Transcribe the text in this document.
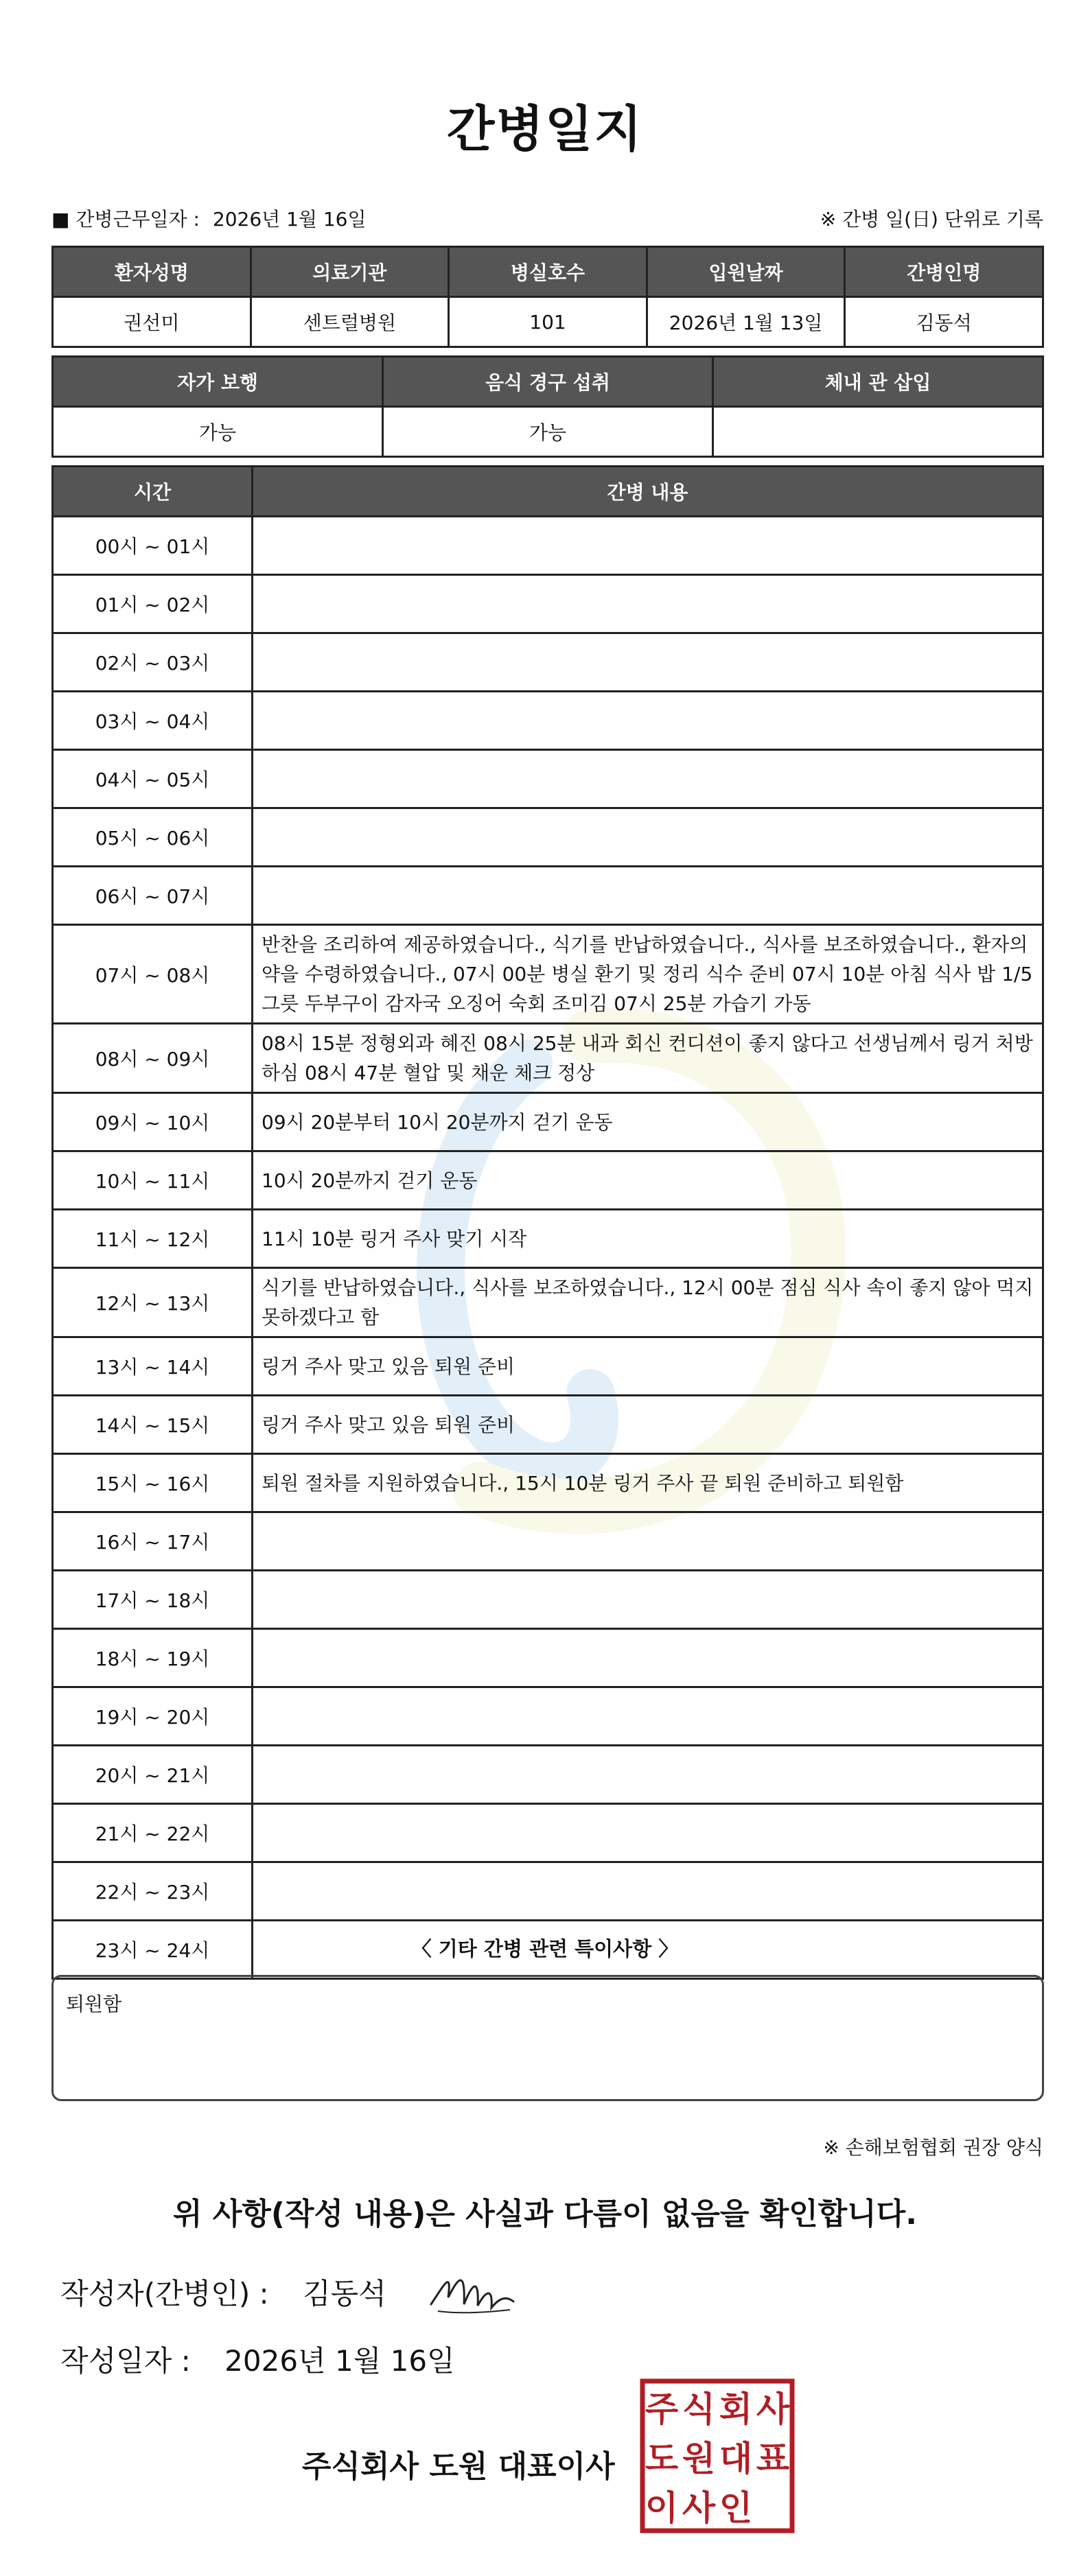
간병일지
■ 간병근무일자 : 2026년 1월 16일	※ 간병 일(日) 단위로 기록
환자성명	의료기관	병실호수	입원날짜	간병인명
권선미	센트럴병원	101	2026년 1월 13일	김동석
자가 보행	음식 경구 섭취	체내 관 삽입
가능	가능	
시간	간병 내용
00시 ~ 01시	
01시 ~ 02시	
02시 ~ 03시	
03시 ~ 04시	
04시 ~ 05시	
05시 ~ 06시	
06시 ~ 07시	
07시 ~ 08시	반찬을 조리하여 제공하였습니다., 식기를 반납하였습니다., 식사를 보조하였습니다., 환자의 약을 수령하였습니다., 07시 00분 병실 환기 및 정리 식수 준비 07시 10분 아침 식사 밥 1/5 그릇 두부구이 감자국 오징어 숙회 조미김 07시 25분 가습기 가동
08시 ~ 09시	08시 15분 정형외과 혜진 08시 25분 내과 회신 컨디션이 좋지 않다고 선생님께서 링거 처방하심 08시 47분 혈압 및 채운 체크 정상
09시 ~ 10시	09시 20분부터 10시 20분까지 걷기 운동
10시 ~ 11시	10시 20분까지 걷기 운동
11시 ~ 12시	11시 10분 링거 주사 맞기 시작
12시 ~ 13시	식기를 반납하였습니다., 식사를 보조하였습니다., 12시 00분 점심 식사 속이 좋지 않아 먹지 못하겠다고 함
13시 ~ 14시	링거 주사 맞고 있음 퇴원 준비
14시 ~ 15시	링거 주사 맞고 있음 퇴원 준비
15시 ~ 16시	퇴원 절차를 지원하였습니다., 15시 10분 링거 주사 끝 퇴원 준비하고 퇴원함
16시 ~ 17시	
17시 ~ 18시	
18시 ~ 19시	
19시 ~ 20시	
20시 ~ 21시	
21시 ~ 22시	
22시 ~ 23시	
23시 ~ 24시		〈 기타 간병 관련 특이사항 〉
퇴원함
※ 손해보험협회 권장 양식
위 사항(작성 내용)은 사실과 다름이 없음을 확인합니다.
작성자(간병인) : 김동석
작성일자 : 2026년 1월 16일
주식회사 도원 대표이사
주 식 회 사
도 원 대 표
이 사 인
